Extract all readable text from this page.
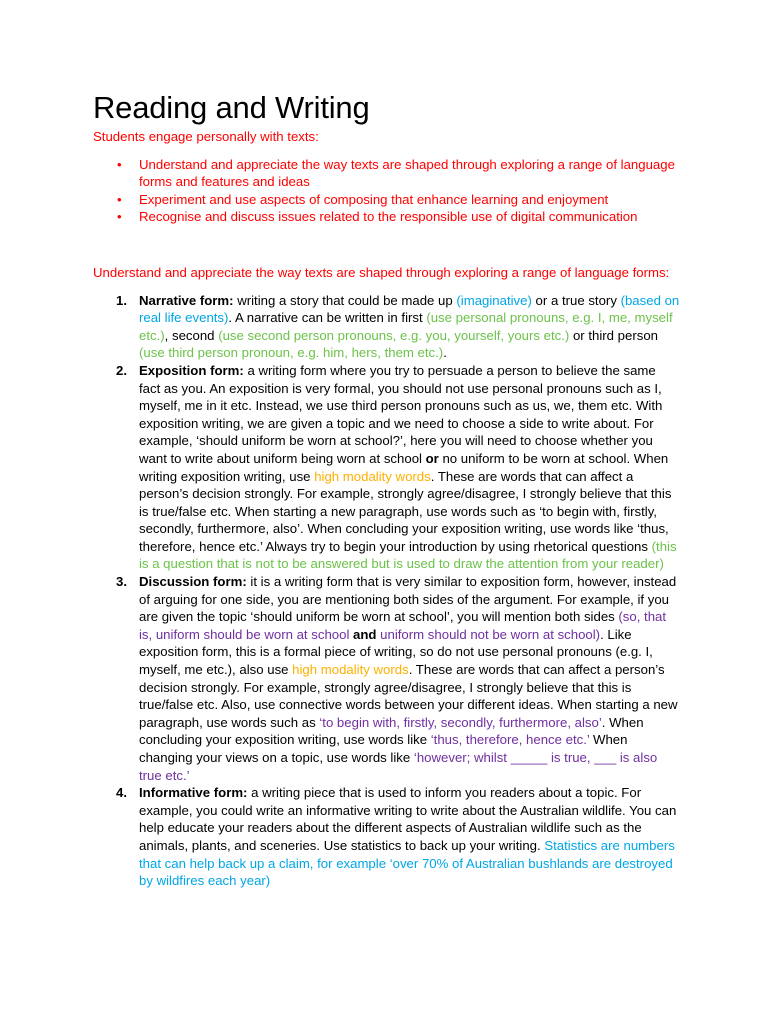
Reading and Writing

Students engage personally with texts:

• Understand and appreciate the way texts are shaped through exploring a range of language forms and features and ideas
• Experiment and use aspects of composing that enhance learning and enjoyment
• Recognise and discuss issues related to the responsible use of digital communication

Understand and appreciate the way texts are shaped through exploring a range of language forms:

1. Narrative form: writing a story that could be made up (imaginative) or a true story (based on real life events). A narrative can be written in first (use personal pronouns, e.g. I, me, myself etc.), second (use second person pronouns, e.g. you, yourself, yours etc.) or third person (use third person pronoun, e.g. him, hers, them etc.).
2. Exposition form: a writing form where you try to persuade a person to believe the same fact as you. An exposition is very formal, you should not use personal pronouns such as I, myself, me in it etc. Instead, we use third person pronouns such as us, we, them etc. With exposition writing, we are given a topic and we need to choose a side to write about. For example, ‘should uniform be worn at school?’, here you will need to choose whether you want to write about uniform being worn at school or no uniform to be worn at school. When writing exposition writing, use high modality words. These are words that can affect a person’s decision strongly. For example, strongly agree/disagree, I strongly believe that this is true/false etc. When starting a new paragraph, use words such as ‘to begin with, firstly, secondly, furthermore, also’. When concluding your exposition writing, use words like ‘thus, therefore, hence etc.’ Always try to begin your introduction by using rhetorical questions (this is a question that is not to be answered but is used to draw the attention from your reader)
3. Discussion form: it is a writing form that is very similar to exposition form, however, instead of arguing for one side, you are mentioning both sides of the argument. For example, if you are given the topic ‘should uniform be worn at school’, you will mention both sides (so, that is, uniform should be worn at school and uniform should not be worn at school). Like exposition form, this is a formal piece of writing, so do not use personal pronouns (e.g. I, myself, me etc.), also use high modality words. These are words that can affect a person’s decision strongly. For example, strongly agree/disagree, I strongly believe that this is true/false etc. Also, use connective words between your different ideas. When starting a new paragraph, use words such as ‘to begin with, firstly, secondly, furthermore, also’. When concluding your exposition writing, use words like ‘thus, therefore, hence etc.’ When changing your views on a topic, use words like ‘however; whilst _____ is true, ___ is also true etc.’
4. Informative form: a writing piece that is used to inform you readers about a topic. For example, you could write an informative writing to write about the Australian wildlife. You can help educate your readers about the different aspects of Australian wildlife such as the animals, plants, and sceneries. Use statistics to back up your writing. Statistics are numbers that can help back up a claim, for example ‘over 70% of Australian bushlands are destroyed by wildfires each year)
